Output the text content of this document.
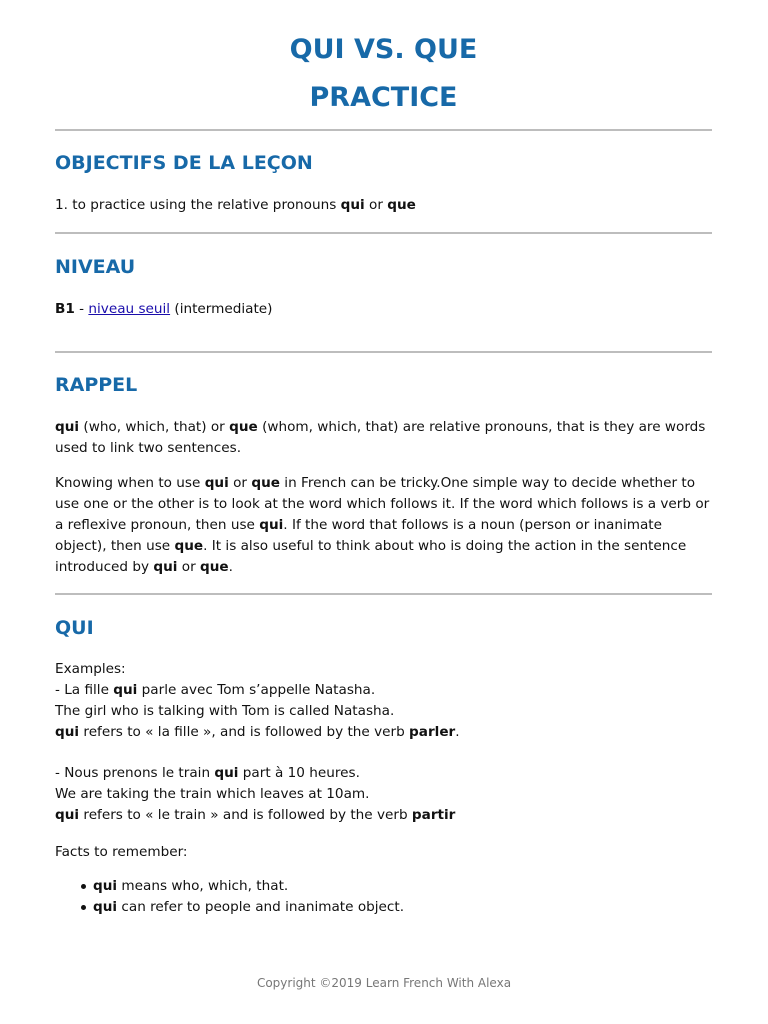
QUI VS. QUE
PRACTICE
OBJECTIFS DE LA LEÇON
1. to practice using the relative pronouns qui or que
NIVEAU
B1 - niveau seuil (intermediate)
RAPPEL
qui (who, which, that) or que (whom, which, that) are relative pronouns, that is they are words used to link two sentences.
Knowing when to use qui or que in French can be tricky.One simple way to decide whether to use one or the other is to look at the word which follows it. If the word which follows is a verb or a reflexive pronoun, then use qui. If the word that follows is a noun (person or inanimate object), then use que. It is also useful to think about who is doing the action in the sentence introduced by qui or que.
QUI
Examples:
- La fille qui parle avec Tom s’appelle Natasha.
The girl who is talking with Tom is called Natasha.
qui refers to « la fille », and is followed by the verb parler.
- Nous prenons le train qui part à 10 heures.
We are taking the train which leaves at 10am.
qui refers to « le train » and is followed by the verb partir
Facts to remember:
qui means who, which, that.
qui can refer to people and inanimate object.
Copyright ©2019 Learn French With Alexa
